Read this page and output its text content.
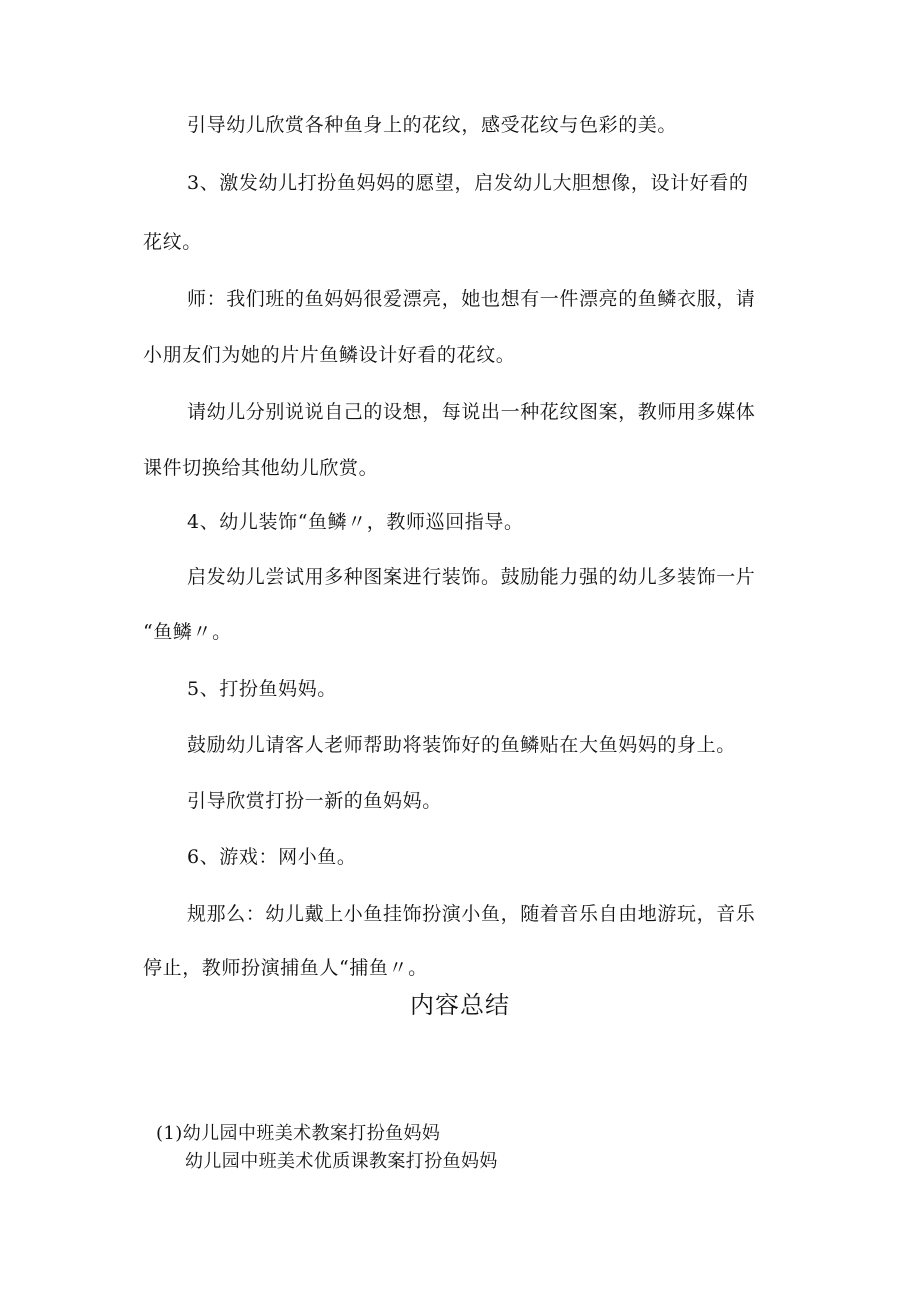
引导幼儿欣赏各种鱼身上的花纹，感受花纹与色彩的美。
3、激发幼儿打扮鱼妈妈的愿望，启发幼儿大胆想像，设计好看的
花纹。
师：我们班的鱼妈妈很爱漂亮，她也想有一件漂亮的鱼鳞衣服，请
小朋友们为她的片片鱼鳞设计好看的花纹。
请幼儿分别说说自己的设想，每说出一种花纹图案，教师用多媒体
课件切换给其他幼儿欣赏。
4、幼儿装饰“鱼鳞〃，教师巡回指导。
启发幼儿尝试用多种图案进行装饰。鼓励能力强的幼儿多装饰一片
“鱼鳞〃。
5、打扮鱼妈妈。
鼓励幼儿请客人老师帮助将装饰好的鱼鳞贴在大鱼妈妈的身上。
引导欣赏打扮一新的鱼妈妈。
6、游戏：网小鱼。
规那么：幼儿戴上小鱼挂饰扮演小鱼，随着音乐自由地游玩，音乐
停止，教师扮演捕鱼人“捕鱼〃。
内容总结
(1)幼儿园中班美术教案打扮鱼妈妈
幼儿园中班美术优质课教案打扮鱼妈妈
